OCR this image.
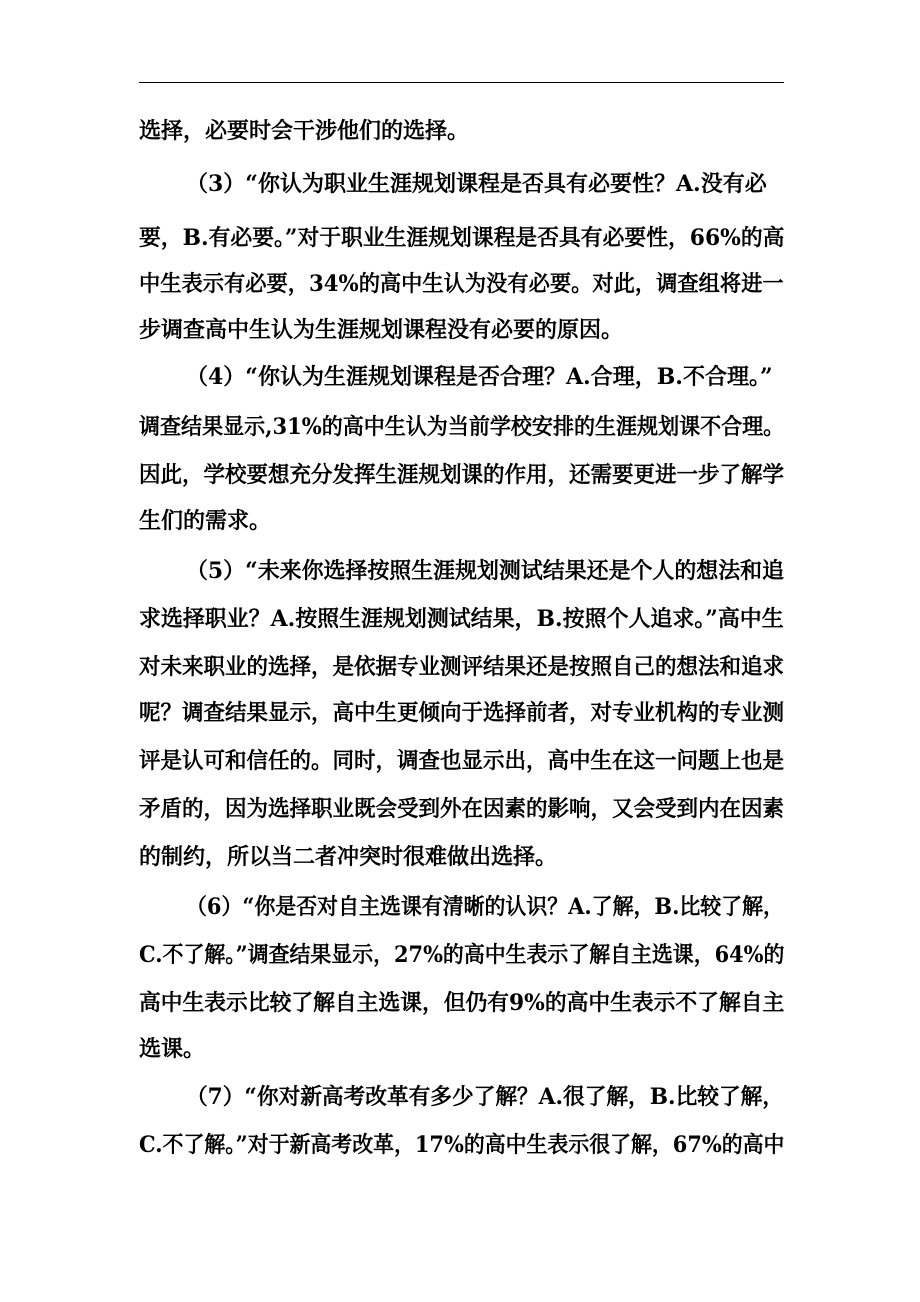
选择，必要时会干涉他们的选择。
（3）“你认为职业生涯规划课程是否具有必要性？A.没有必
要，B.有必要。”对于职业生涯规划课程是否具有必要性，66%的高
中生表示有必要，34%的高中生认为没有必要。对此，调查组将进一
步调查高中生认为生涯规划课程没有必要的原因。
（4）“你认为生涯规划课程是否合理？A.合理，B.不合理。”
调查结果显示,31%的高中生认为当前学校安排的生涯规划课不合理。
因此，学校要想充分发挥生涯规划课的作用，还需要更进一步了解学
生们的需求。
（5）“未来你选择按照生涯规划测试结果还是个人的想法和追
求选择职业？A.按照生涯规划测试结果，B.按照个人追求。”高中生
对未来职业的选择，是依据专业测评结果还是按照自己的想法和追求
呢？调查结果显示，高中生更倾向于选择前者，对专业机构的专业测
评是认可和信任的。同时，调查也显示出，高中生在这一问题上也是
矛盾的，因为选择职业既会受到外在因素的影响，又会受到内在因素
的制约，所以当二者冲突时很难做出选择。
（6）“你是否对自主选课有清晰的认识？A.了解，B.比较了解，
C.不了解。”调查结果显示，27%的高中生表示了解自主选课，64%的
高中生表示比较了解自主选课，但仍有9%的高中生表示不了解自主
选课。
（7）“你对新高考改革有多少了解？A.很了解，B.比较了解，
C.不了解。”对于新高考改革，17%的高中生表示很了解，67%的高中
